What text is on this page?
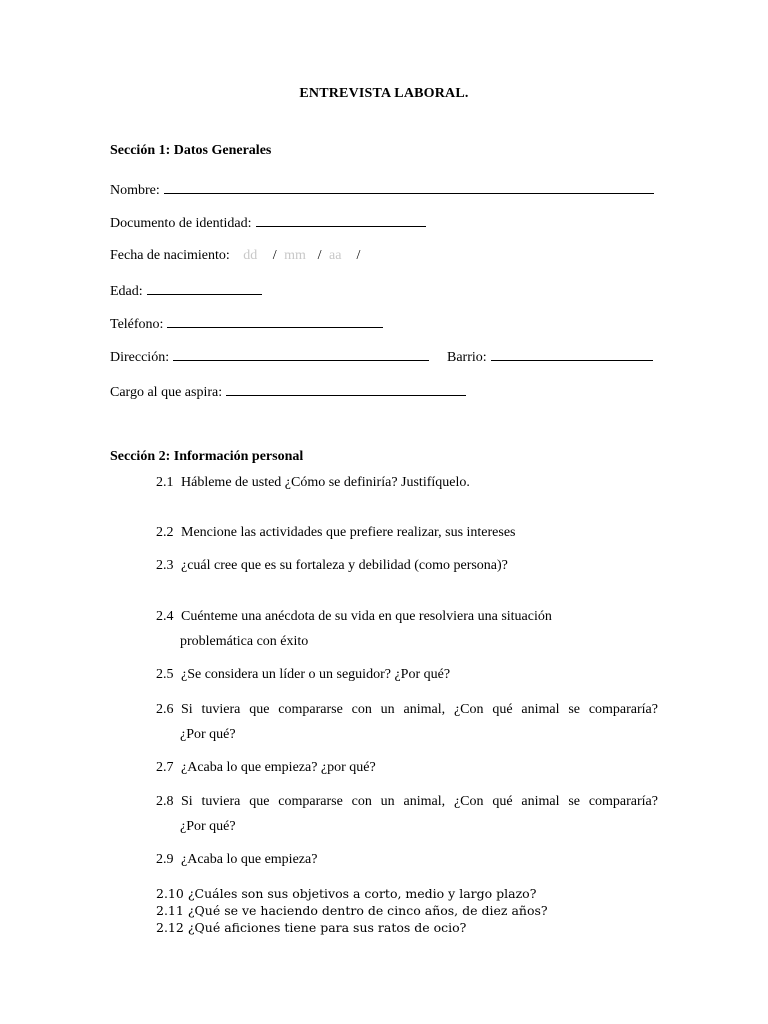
ENTREVISTA LABORAL.
Sección 1: Datos Generales
Nombre:
Documento de identidad:
Fecha de nacimiento: dd / mm / aa /
Edad:
Teléfono:
Dirección:	Barrio:
Cargo al que aspira:
Sección 2: Información personal
2.1 Hábleme de usted ¿Cómo se definiría? Justifíquelo.
2.2 Mencione las actividades que prefiere realizar, sus intereses
2.3 ¿cuál cree que es su fortaleza y debilidad (como persona)?
2.4 Cuénteme una anécdota de su vida en que resolviera una situación
problemática con éxito
2.5 ¿Se considera un líder o un seguidor? ¿Por qué?
2.6 Si tuviera que compararse con un animal, ¿Con qué animal se compararía?
¿Por qué?
2.7 ¿Acaba lo que empieza? ¿por qué?
2.8 Si tuviera que compararse con un animal, ¿Con qué animal se compararía?
¿Por qué?
2.9 ¿Acaba lo que empieza?
2.10 ¿Cuáles son sus objetivos a corto, medio y largo plazo?
2.11 ¿Qué se ve haciendo dentro de cinco años, de diez años?
2.12 ¿Qué aficiones tiene para sus ratos de ocio?
